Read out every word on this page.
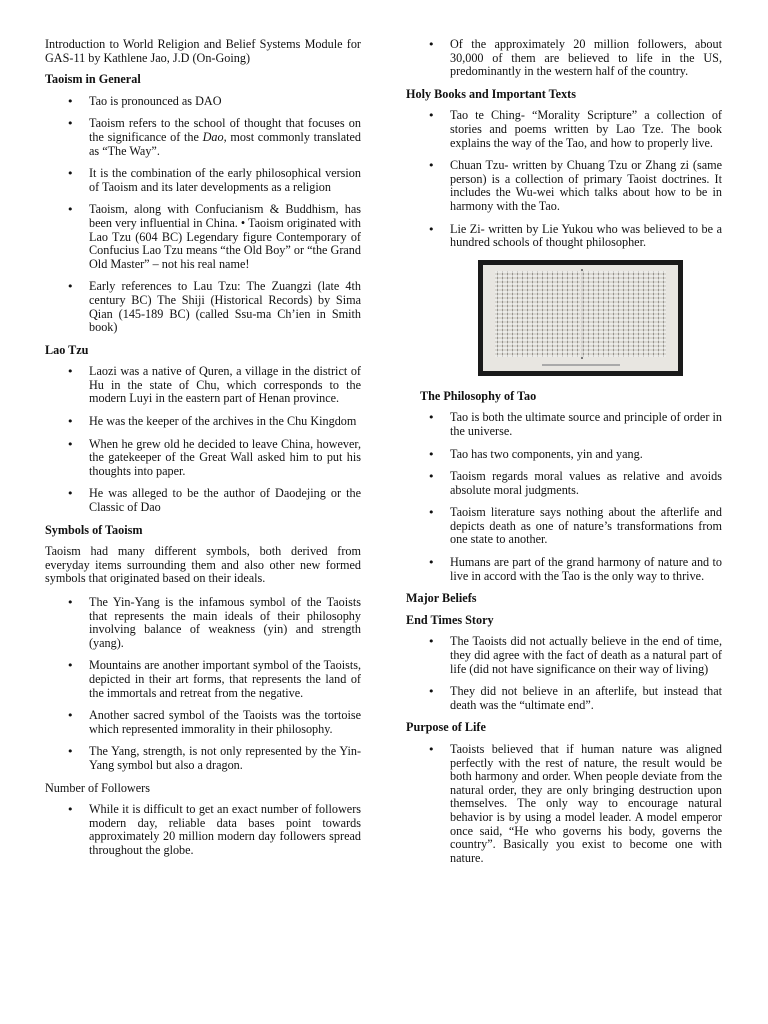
Introduction to World Religion and Belief Systems Module for GAS-11 by Kathlene Jao, J.D (On-Going)

Taoism in General

• Tao is pronounced as DAO
• Taoism refers to the school of thought that focuses on the significance of the Dao, most commonly translated as “The Way”.
• It is the combination of the early philosophical version of Taoism and its later developments as a religion
• Taoism, along with Confucianism & Buddhism, has been very influential in China. • Taoism originated with Lao Tzu (604 BC) Legendary figure Contemporary of Confucius Lao Tzu means “the Old Boy” or “the Grand Old Master” – not his real name!
• Early references to Lau Tzu: The Zuangzi (late 4th century BC) The Shiji (Historical Records) by Sima Qian (145-189 BC) (called Ssu-ma Ch’ien in Smith book)

Lao Tzu

• Laozi was a native of Quren, a village in the district of Hu in the state of Chu, which corresponds to the modern Luyi in the eastern part of Henan province.
• He was the keeper of the archives in the Chu Kingdom
• When he grew old he decided to leave China, however, the gatekeeper of the Great Wall asked him to put his thoughts into paper.
• He was alleged to be the author of Daodejing or the Classic of Dao

Symbols of Taoism

Taoism had many different symbols, both derived from everyday items surrounding them and also other new formed symbols that originated based on their ideals.

• The Yin-Yang is the infamous symbol of the Taoists that represents the main ideals of their philosophy involving balance of weakness (yin) and strength (yang).
• Mountains are another important symbol of the Taoists, depicted in their art forms, that represents the land of the immortals and retreat from the negative.
• Another sacred symbol of the Taoists was the tortoise which represented immorality in their philosophy.
• The Yang, strength, is not only represented by the Yin-Yang symbol but also a dragon.

Number of Followers

• While it is difficult to get an exact number of followers modern day, reliable data bases point towards approximately 20 million modern day followers spread throughout the globe.
• Of the approximately 20 million followers, about 30,000 of them are believed to life in the US, predominantly in the western half of the country.

Holy Books and Important Texts

• Tao te Ching- “Morality Scripture” a collection of stories and poems written by Lao Tze. The book explains the way of the Tao, and how to properly live.
• Chuan Tzu- written by Chuang Tzu or Zhang zi (same person) is a collection of primary Taoist doctrines. It includes the Wu-wei which talks about how to be in harmony with the Tao.
• Lie Zi- written by Lie Yukou who was believed to be a hundred schools of thought philosopher.

The Philosophy of Tao

• Tao is both the ultimate source and principle of order in the universe.
• Tao has two components, yin and yang.
• Taoism regards moral values as relative and avoids absolute moral judgments.
• Taoism literature says nothing about the afterlife and depicts death as one of nature’s transformations from one state to another.
• Humans are part of the grand harmony of nature and to live in accord with the Tao is the only way to thrive.

Major Beliefs

End Times Story

• The Taoists did not actually believe in the end of time, they did agree with the fact of death as a natural part of life (did not have significance on their way of living)
• They did not believe in an afterlife, but instead that death was the “ultimate end”.

Purpose of Life

• Taoists believed that if human nature was aligned perfectly with the rest of nature, the result would be both harmony and order. When people deviate from the natural order, they are only bringing destruction upon themselves. The only way to encourage natural behavior is by using a model leader. A model emperor once said, “He who governs his body, governs the country”. Basically you exist to become one with nature.
